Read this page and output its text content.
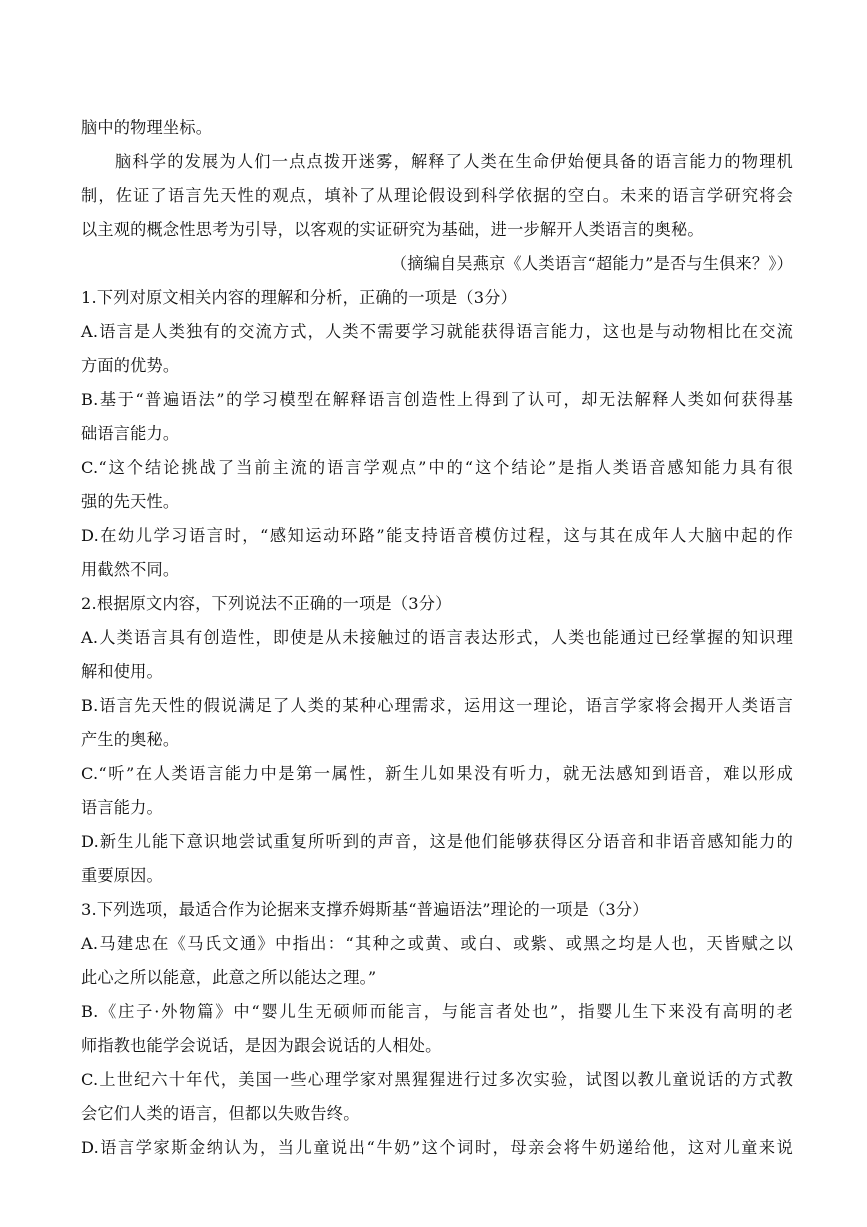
脑中的物理坐标。
脑科学的发展为人们一点点拨开迷雾，解释了人类在生命伊始便具备的语言能力的物理机
制，佐证了语言先天性的观点，填补了从理论假设到科学依据的空白。未来的语言学研究将会
以主观的概念性思考为引导，以客观的实证研究为基础，进一步解开人类语言的奥秘。
（摘编自吴燕京《人类语言“超能力”是否与生俱来？》）
1.下列对原文相关内容的理解和分析，正确的一项是（3分）
A.语言是人类独有的交流方式，人类不需要学习就能获得语言能力，这也是与动物相比在交流
方面的优势。
B.基于“普遍语法”的学习模型在解释语言创造性上得到了认可，却无法解释人类如何获得基
础语言能力。
C.“这个结论挑战了当前主流的语言学观点”中的“这个结论”是指人类语音感知能力具有很
强的先天性。
D.在幼儿学习语言时，“感知运动环路”能支持语音模仿过程，这与其在成年人大脑中起的作
用截然不同。
2.根据原文内容，下列说法不正确的一项是（3分）
A.人类语言具有创造性，即使是从未接触过的语言表达形式，人类也能通过已经掌握的知识理
解和使用。
B.语言先天性的假说满足了人类的某种心理需求，运用这一理论，语言学家将会揭开人类语言
产生的奥秘。
C.“听”在人类语言能力中是第一属性，新生儿如果没有听力，就无法感知到语音，难以形成
语言能力。
D.新生儿能下意识地尝试重复所听到的声音，这是他们能够获得区分语音和非语音感知能力的
重要原因。
3.下列选项，最适合作为论据来支撑乔姆斯基“普遍语法”理论的一项是（3分）
A.马建忠在《马氏文通》中指出：“其种之或黄、或白、或紫、或黑之均是人也，天皆赋之以
此心之所以能意，此意之所以能达之理。”
B.《庄子·外物篇》中“婴儿生无硕师而能言，与能言者处也”，指婴儿生下来没有高明的老
师指教也能学会说话，是因为跟会说话的人相处。
C.上世纪六十年代，美国一些心理学家对黑猩猩进行过多次实验，试图以教儿童说话的方式教
会它们人类的语言，但都以失败告终。
D.语言学家斯金纳认为，当儿童说出“牛奶”这个词时，母亲会将牛奶递给他，这对儿童来说
